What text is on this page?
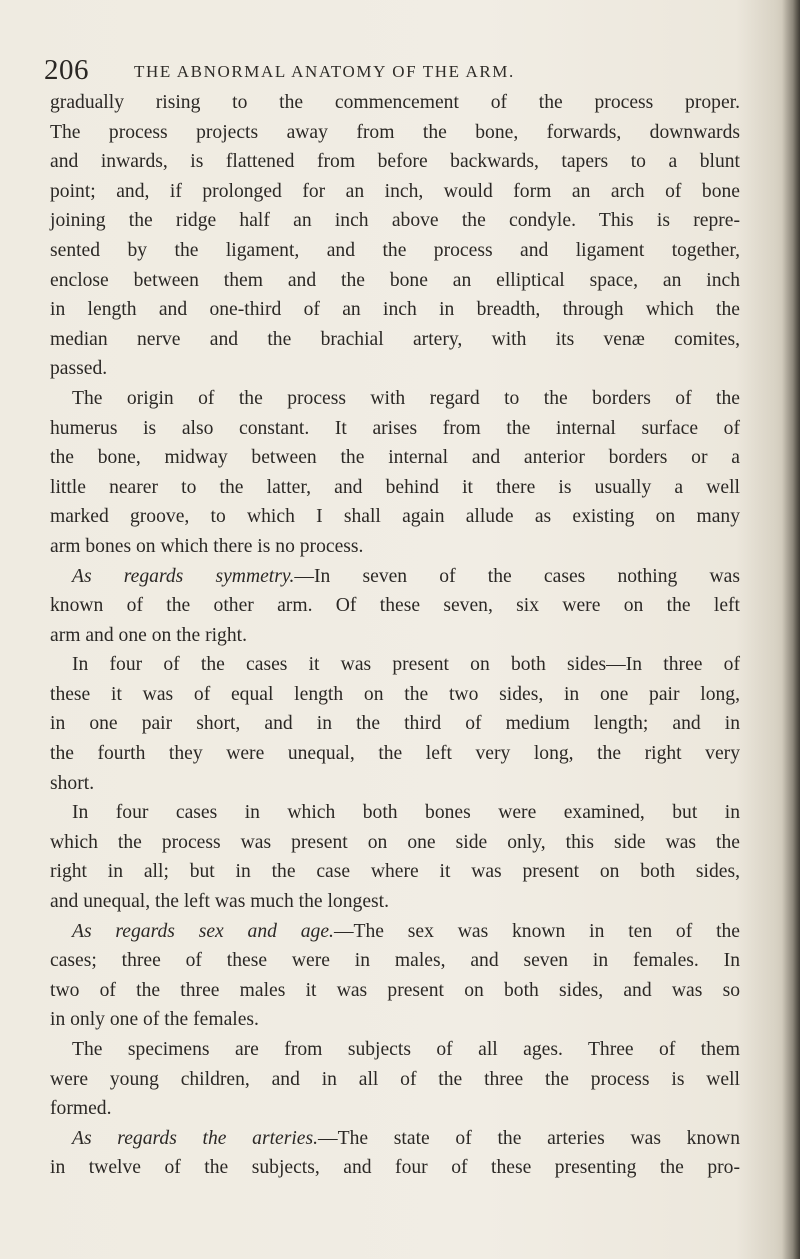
206	THE ABNORMAL ANATOMY OF THE ARM.
gradually rising to the commencement of the process proper.
The process projects away from the bone, forwards, downwards
and inwards, is flattened from before backwards, tapers to a blunt
point; and, if prolonged for an inch, would form an arch of bone
joining the ridge half an inch above the condyle. This is repre-
sented by the ligament, and the process and ligament together,
enclose between them and the bone an elliptical space, an inch
in length and one-third of an inch in breadth, through which the
median nerve and the brachial artery, with its venæ comites,
passed.
The origin of the process with regard to the borders of the
humerus is also constant. It arises from the internal surface of
the bone, midway between the internal and anterior borders or a
little nearer to the latter, and behind it there is usually a well
marked groove, to which I shall again allude as existing on many
arm bones on which there is no process.
As regards symmetry.—In seven of the cases nothing was
known of the other arm. Of these seven, six were on the left
arm and one on the right.
In four of the cases it was present on both sides—In three of
these it was of equal length on the two sides, in one pair long,
in one pair short, and in the third of medium length; and in
the fourth they were unequal, the left very long, the right very
short.
In four cases in which both bones were examined, but in
which the process was present on one side only, this side was the
right in all; but in the case where it was present on both sides,
and unequal, the left was much the longest.
As regards sex and age.—The sex was known in ten of the
cases; three of these were in males, and seven in females. In
two of the three males it was present on both sides, and was so
in only one of the females.
The specimens are from subjects of all ages. Three of them
were young children, and in all of the three the process is well
formed.
As regards the arteries.—The state of the arteries was known
in twelve of the subjects, and four of these presenting the pro-
